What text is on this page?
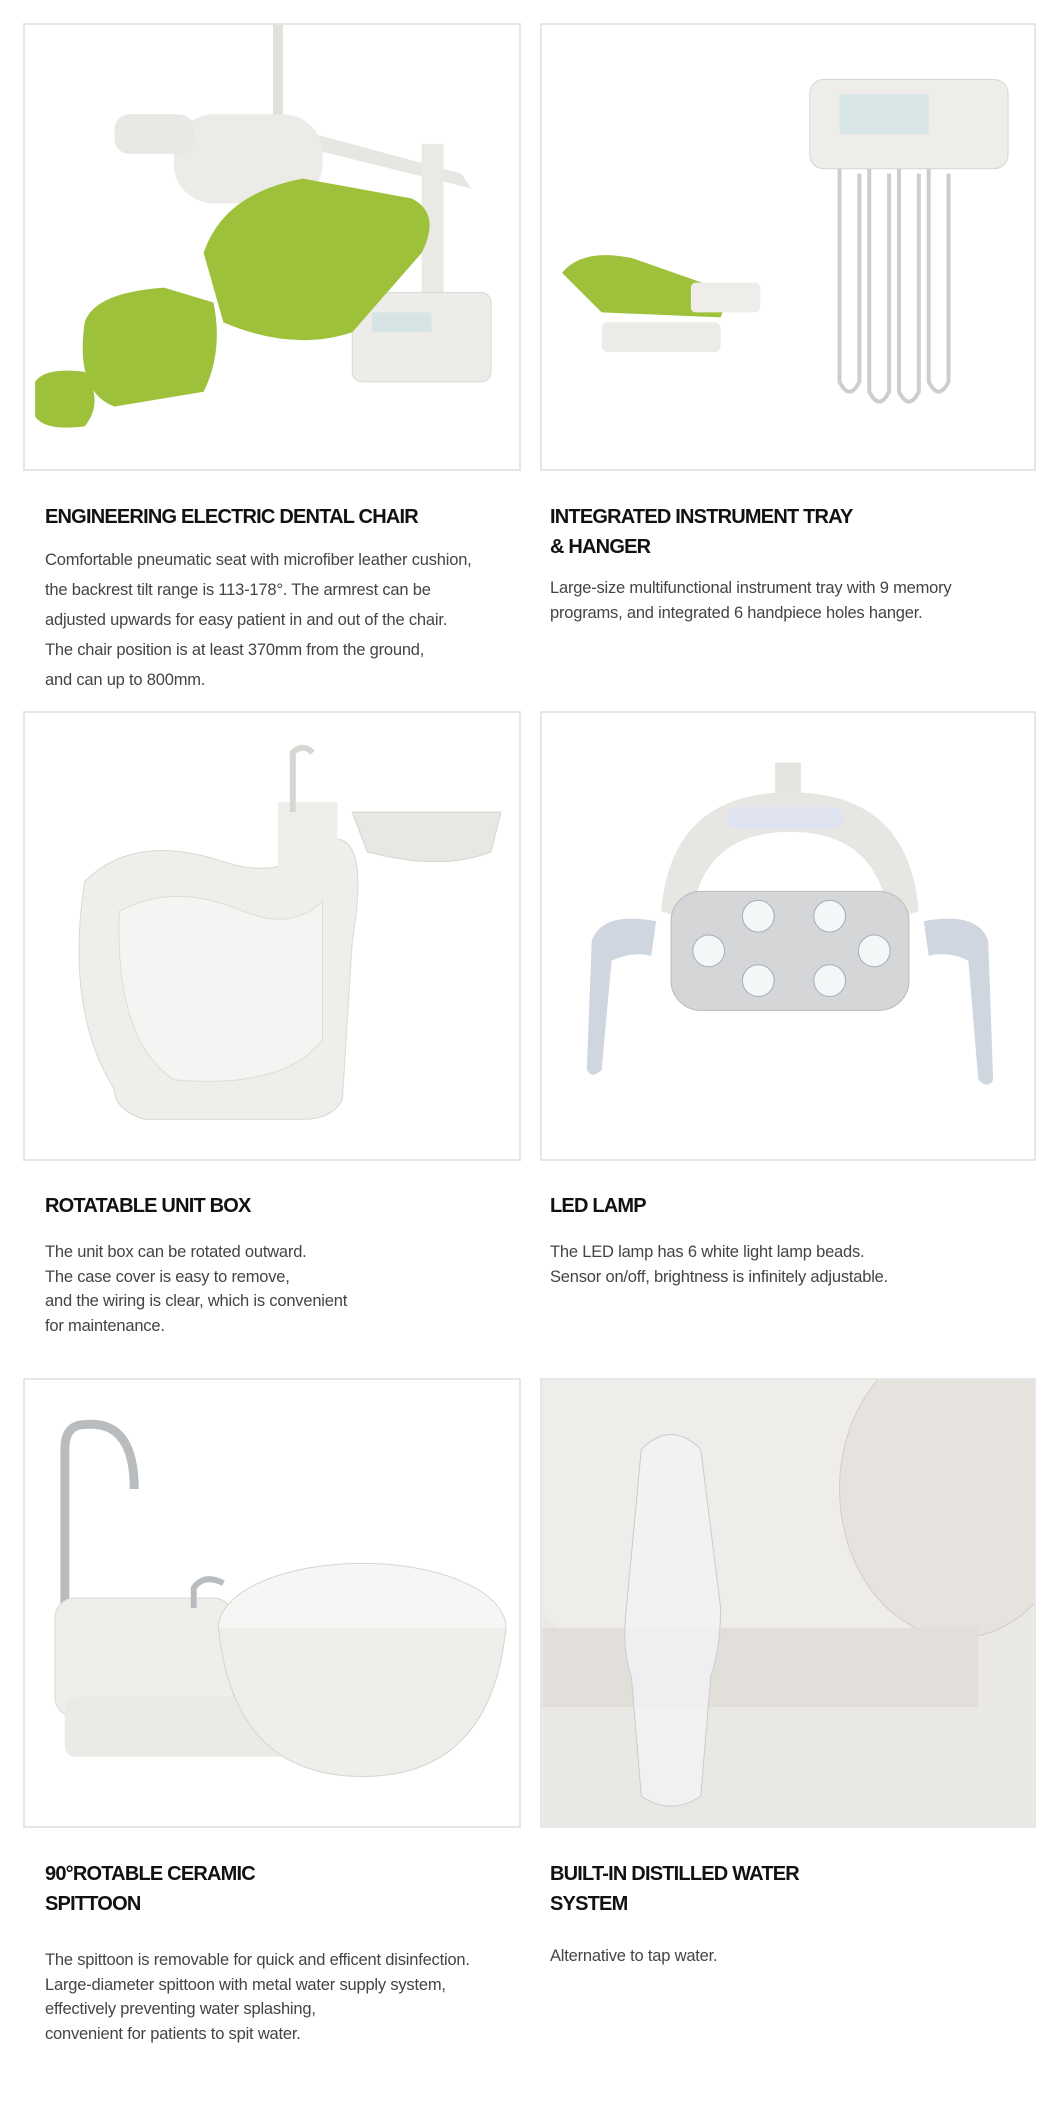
ENGINEERING ELECTRIC DENTAL CHAIR
Comfortable pneumatic seat with microfiber leather cushion,
the backrest tilt range is 113-178°. The armrest can be
adjusted upwards for easy patient in and out of the chair.
The chair position is at least 370mm from the ground,
and can up to 800mm.
INTEGRATED INSTRUMENT TRAY
& HANGER
Large-size multifunctional instrument tray with 9 memory
programs, and integrated 6 handpiece holes hanger.
ROTATABLE UNIT BOX
The unit box can be rotated outward.
The case cover is easy to remove,
and the wiring is clear, which is convenient
for maintenance.
LED LAMP
The LED lamp has 6 white light lamp beads.
Sensor on/off, brightness is infinitely adjustable.
90°ROTABLE CERAMIC
SPITTOON
The spittoon is removable for quick and efficent disinfection.
Large-diameter spittoon with metal water supply system,
effectively preventing water splashing,
convenient for patients to spit water.
BUILT-IN DISTILLED WATER
SYSTEM
Alternative to tap water.
